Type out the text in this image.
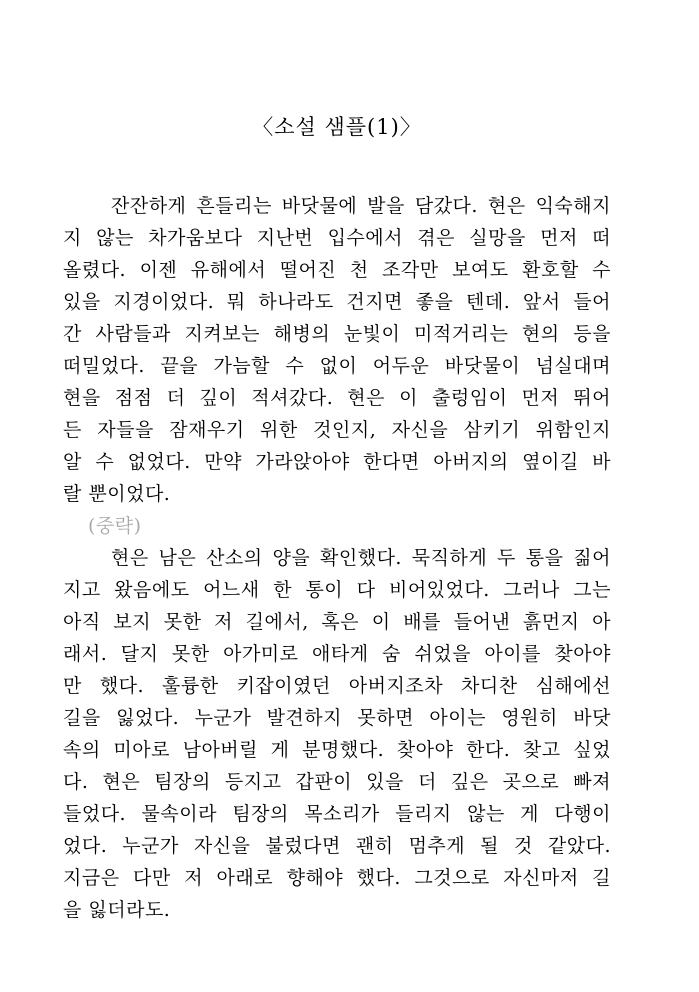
〈소설 샘플(1)〉

잔잔하게 흔들리는 바닷물에 발을 담갔다. 현은 익숙해지

지 않는 차가움보다 지난번 입수에서 겪은 실망을 먼저 떠

올렸다. 이젠 유해에서 떨어진 천 조각만 보여도 환호할 수

있을 지경이었다. 뭐 하나라도 건지면 좋을 텐데. 앞서 들어

간 사람들과 지켜보는 해병의 눈빛이 미적거리는 현의 등을

떠밀었다. 끝을 가늠할 수 없이 어두운 바닷물이 넘실대며

현을 점점 더 깊이 적셔갔다. 현은 이 출렁임이 먼저 뛰어

든 자들을 잠재우기 위한 것인지, 자신을 삼키기 위함인지

알 수 없었다. 만약 가라앉아야 한다면 아버지의 옆이길 바

랄 뿐이었다.

(중략)

현은 남은 산소의 양을 확인했다. 묵직하게 두 통을 짊어

지고 왔음에도 어느새 한 통이 다 비어있었다. 그러나 그는

아직 보지 못한 저 길에서, 혹은 이 배를 들어낸 흙먼지 아

래서. 달지 못한 아가미로 애타게 숨 쉬었을 아이를 찾아야

만 했다. 훌륭한 키잡이였던 아버지조차 차디찬 심해에선

길을 잃었다. 누군가 발견하지 못하면 아이는 영원히 바닷

속의 미아로 남아버릴 게 분명했다. 찾아야 한다. 찾고 싶었

다. 현은 팀장의 등지고 갑판이 있을 더 깊은 곳으로 빠져

들었다. 물속이라 팀장의 목소리가 들리지 않는 게 다행이

었다. 누군가 자신을 불렀다면 괜히 멈추게 될 것 같았다.

지금은 다만 저 아래로 향해야 했다. 그것으로 자신마저 길

을 잃더라도.
